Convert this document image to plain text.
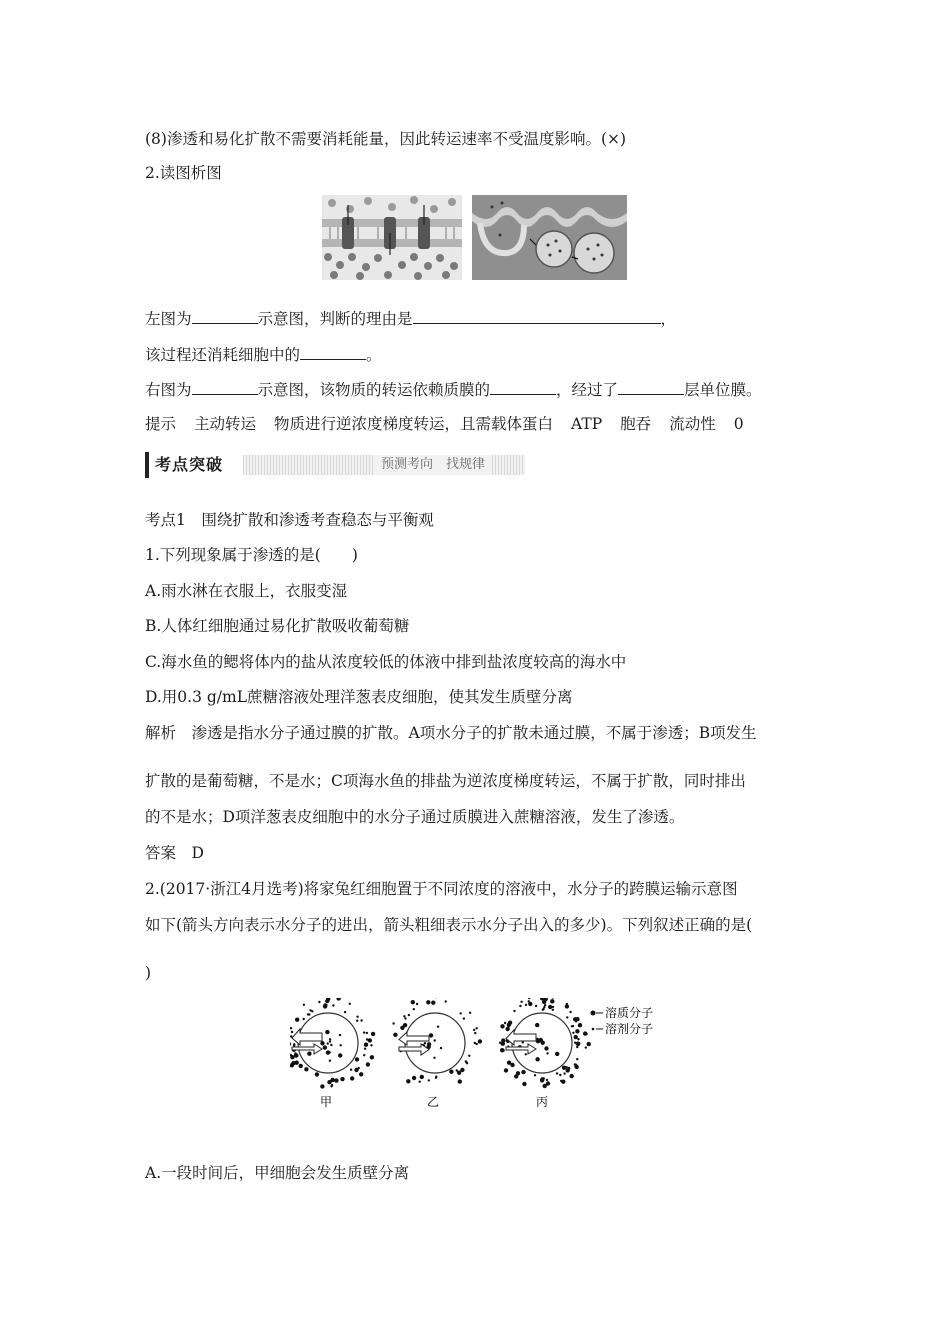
(8)渗透和易化扩散不需要消耗能量，因此转运速率不受温度影响。(×)
2.读图析图
左图为	示意图，判断的理由是	，
该过程还消耗细胞中的	。
右图为	示意图，该物质的转运依赖质膜的	，经过了	层单位膜。
提示 主动转运 物质进行逆浓度梯度转运，且需载体蛋白 ATP 胞吞 流动性 0
考点突破	预测考向　找规律
考点1　围绕扩散和渗透考查稳态与平衡观
1.下列现象属于渗透的是(　　)
A.雨水淋在衣服上，衣服变湿
B.人体红细胞通过易化扩散吸收葡萄糖
C.海水鱼的鳃将体内的盐从浓度较低的体液中排到盐浓度较高的海水中
D.用0.3 g/mL蔗糖溶液处理洋葱表皮细胞，使其发生质壁分离
解析　渗透是指水分子通过膜的扩散。A项水分子的扩散未通过膜，不属于渗透；B项发生
扩散的是葡萄糖，不是水；C项海水鱼的排盐为逆浓度梯度转运，不属于扩散，同时排出
的不是水；D项洋葱表皮细胞中的水分子通过质膜进入蔗糖溶液，发生了渗透。
答案　D
2.(2017·浙江4月选考)将家兔红细胞置于不同浓度的溶液中，水分子的跨膜运输示意图
如下(箭头方向表示水分子的进出，箭头粗细表示水分子出入的多少)。下列叙述正确的是(
)
溶质分子
溶剂分子
甲	乙	丙
A.一段时间后，甲细胞会发生质壁分离
